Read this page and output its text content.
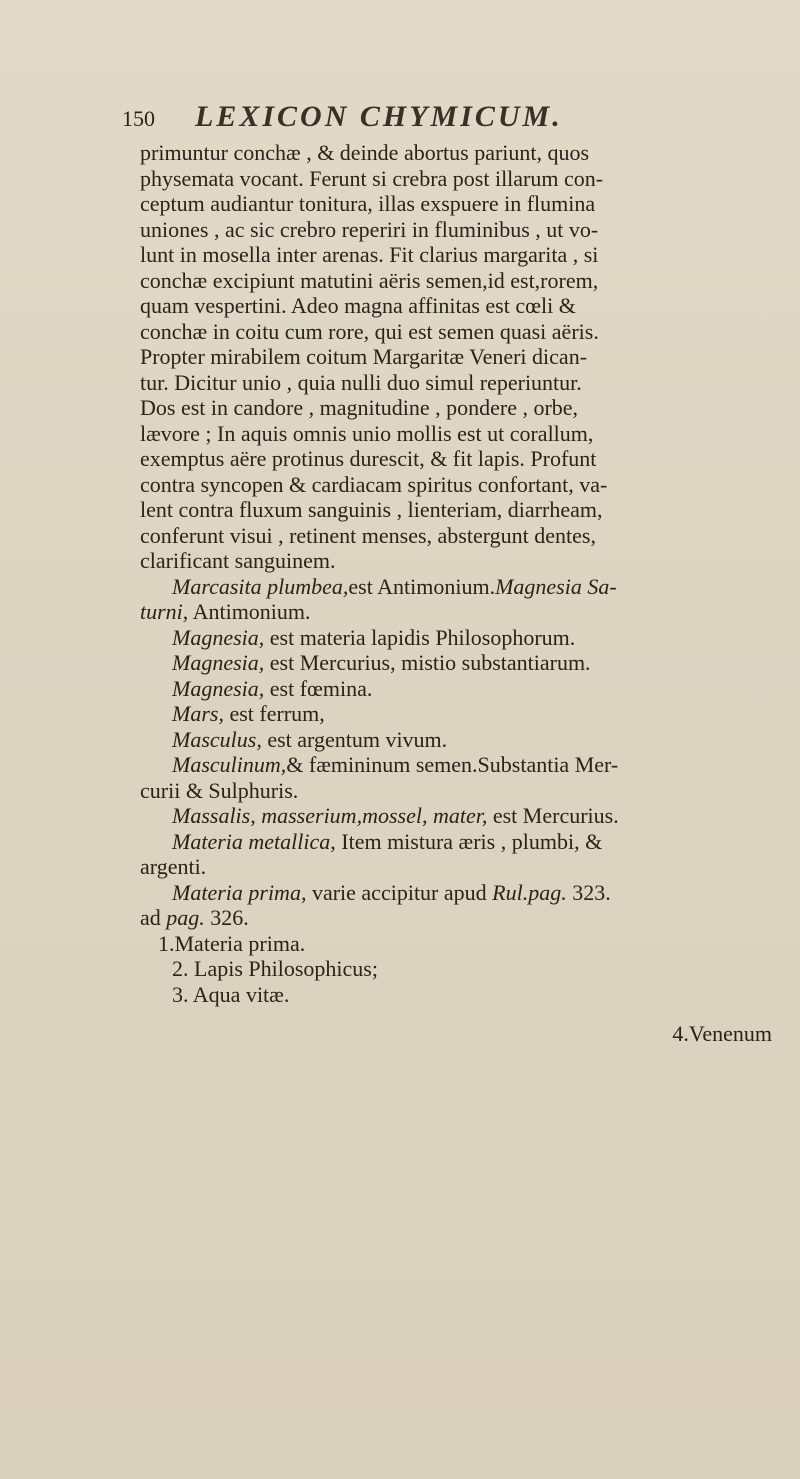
150 LEXICON CHYMICUM.
primuntur conchæ , & deinde abortus pariunt, quos
physemata vocant. Ferunt si crebra post illarum con-
ceptum audiantur tonitura, illas exspuere in flumina
uniones , ac sic crebro reperiri in fluminibus , ut vo-
lunt in mosella inter arenas. Fit clarius margarita , si
conchæ excipiunt matutini aëris semen,id est,rorem,
quam vespertini. Adeo magna affinitas est cœli &
conchæ in coitu cum rore, qui est semen quasi aëris.
Propter mirabilem coitum Margaritæ Veneri dican-
tur. Dicitur unio , quia nulli duo simul reperiuntur.
Dos est in candore , magnitudine , pondere , orbe,
lævore ; In aquis omnis unio mollis est ut corallum,
exemptus aëre protinus durescit, & fit lapis. Profunt
contra syncopen & cardiacam spiritus confortant, va-
lent contra fluxum sanguinis , lienteriam, diarrheam,
conferunt visui , retinent menses, abstergunt dentes,
clarificant sanguinem.
Marcasita plumbea,est Antimonium.Magnesia Sa-
turni, Antimonium.
Magnesia, est materia lapidis Philosophorum.
Magnesia, est Mercurius, mistio substantiarum.
Magnesia, est fœmina.
Mars, est ferrum,
Masculus, est argentum vivum.
Masculinum,& fæmininum semen.Substantia Mer-
curii & Sulphuris.
Massalis, masserium,mossel, mater, est Mercurius.
Materia metallica, Item mistura æris , plumbi, &
argenti.
Materia prima, varie accipitur apud Rul.pag. 323.
ad pag. 326.
1.Materia prima.
2. Lapis Philosophicus;
3. Aqua vitæ.
4.Venenum
